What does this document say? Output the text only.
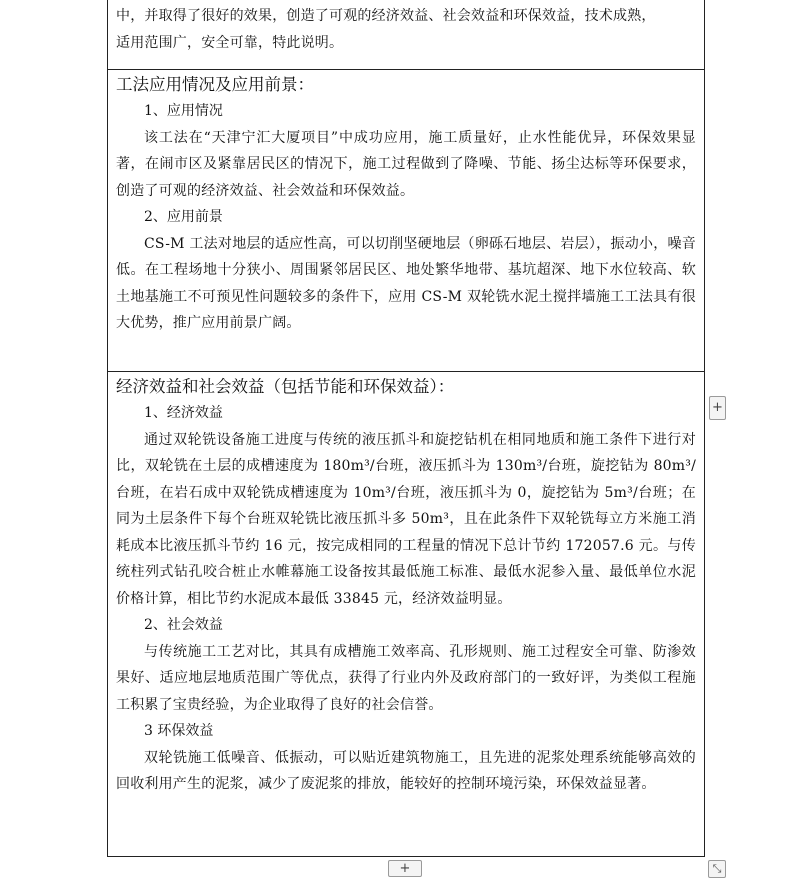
中，并取得了很好的效果，创造了可观的经济效益、社会效益和环保效益，技术成熟，
适用范围广，安全可靠，特此说明。
工法应用情况及应用前景：
1、应用情况
该工法在“天津宁汇大厦项目”中成功应用，施工质量好，止水性能优异，环保效果显著，在闹市区及紧靠居民区的情况下，施工过程做到了降噪、节能、扬尘达标等环保要求，创造了可观的经济效益、社会效益和环保效益。
2、应用前景
CS-M 工法对地层的适应性高，可以切削坚硬地层（卵砾石地层、岩层），振动小，噪音低。在工程场地十分狭小、周围紧邻居民区、地处繁华地带、基坑超深、地下水位较高、软土地基施工不可预见性问题较多的条件下，应用 CS-M 双轮铣水泥土搅拌墙施工工法具有很大优势，推广应用前景广阔。
经济效益和社会效益（包括节能和环保效益）：
1、经济效益
通过双轮铣设备施工进度与传统的液压抓斗和旋挖钻机在相同地质和施工条件下进行对比，双轮铣在土层的成槽速度为 180m³/台班，液压抓斗为 130m³/台班，旋挖钻为 80m³/台班，在岩石成中双轮铣成槽速度为 10m³/台班，液压抓斗为 0，旋挖钻为 5m³/台班；在同为土层条件下每个台班双轮铣比液压抓斗多 50m³，且在此条件下双轮铣每立方米施工消耗成本比液压抓斗节约 16 元，按完成相同的工程量的情况下总计节约 172057.6 元。与传统柱列式钻孔咬合桩止水帷幕施工设备按其最低施工标准、最低水泥参入量、最低单位水泥价格计算，相比节约水泥成本最低 33845 元，经济效益明显。
2、社会效益
与传统施工工艺对比，其具有成槽施工效率高、孔形规则、施工过程安全可靠、防渗效果好、适应地层地质范围广等优点，获得了行业内外及政府部门的一致好评，为类似工程施工积累了宝贵经验，为企业取得了良好的社会信誉。
3 环保效益
双轮铣施工低噪音、低振动，可以贴近建筑物施工，且先进的泥浆处理系统能够高效的回收利用产生的泥浆，减少了废泥浆的排放，能较好的控制环境污染，环保效益显著。
+
+	⤡
